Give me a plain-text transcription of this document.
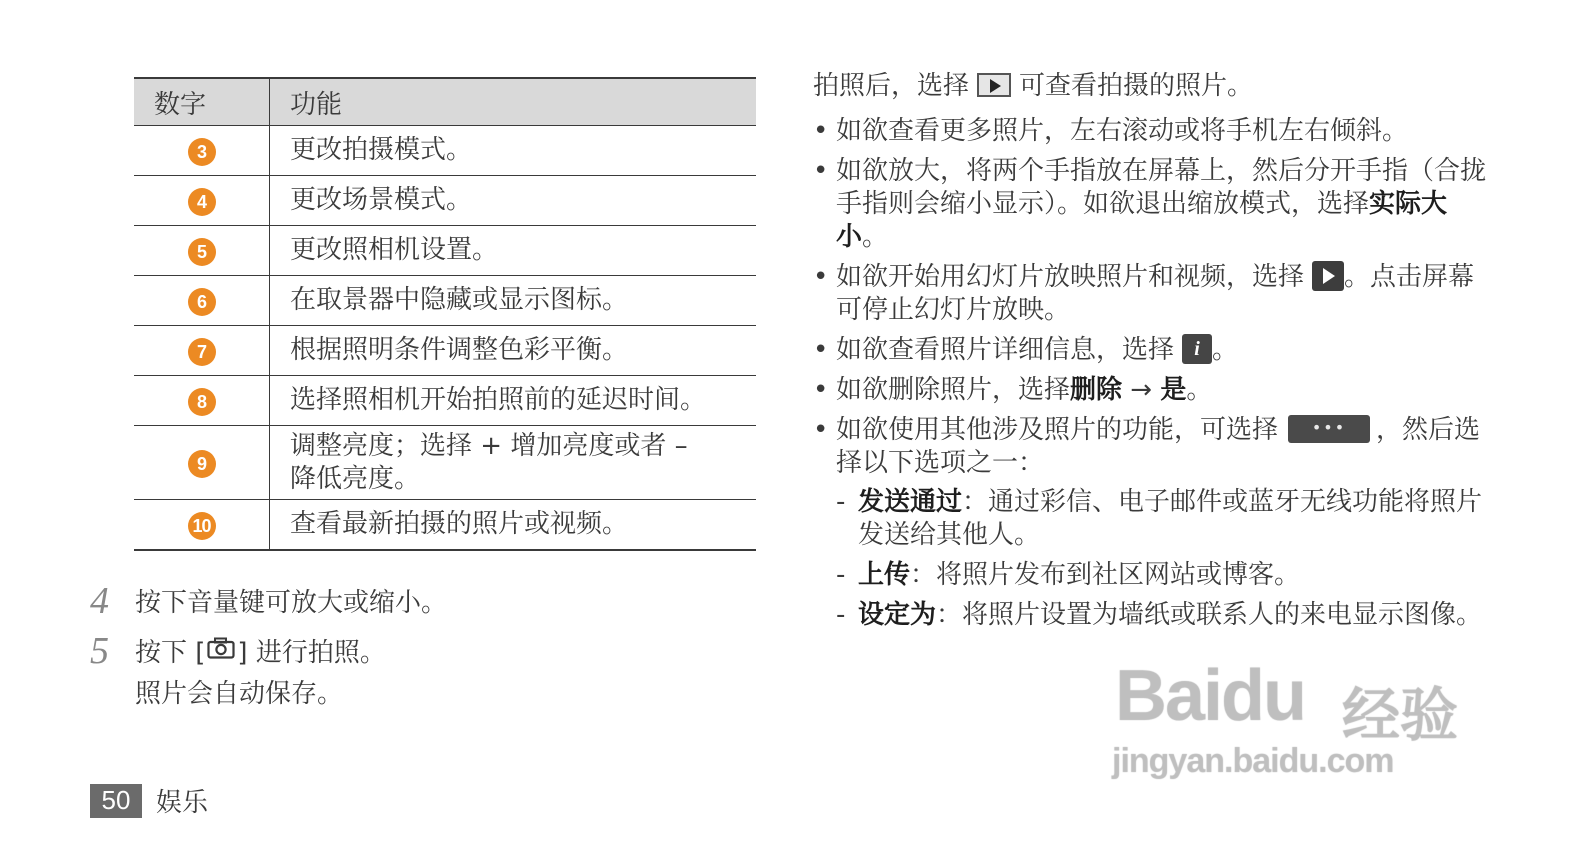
数字	功能
3	更改拍摄模式。
4	更改场景模式。
5	更改照相机设置。
6	在取景器中隐藏或显示图标。
7	根据照明条件调整色彩平衡。
8	选择照相机开始拍照前的延迟时间。
9	调整亮度；选择 + 增加亮度或者 –
降低亮度。
10	查看最新拍摄的照片或视频。
4	按下音量键可放大或缩小。
5	按下 [ ] 进行拍照。
照片会自动保存。
50 娱乐
拍照后，选择 可查看拍摄的照片。
• 如欲查看更多照片，左右滚动或将手机左右倾斜。
• 如欲放大，将两个手指放在屏幕上，然后分开手指（合拢手指则会缩小显示）。如欲退出缩放模式，选择实际大小。
• 如欲开始用幻灯片放映照片和视频，选择 。点击屏幕可停止幻灯片放映。
• 如欲查看照片详细信息，选择 i 。
• 如欲删除照片，选择删除 → 是。
• 如欲使用其他涉及照片的功能，可选择 ••• ，然后选择以下选项之一：
- 发送通过：通过彩信、电子邮件或蓝牙无线功能将照片发送给其他人。
- 上传：将照片发布到社区网站或博客。
- 设定为：将照片设置为墙纸或联系人的来电显示图像。
Baidu 经验
jingyan.baidu.com
